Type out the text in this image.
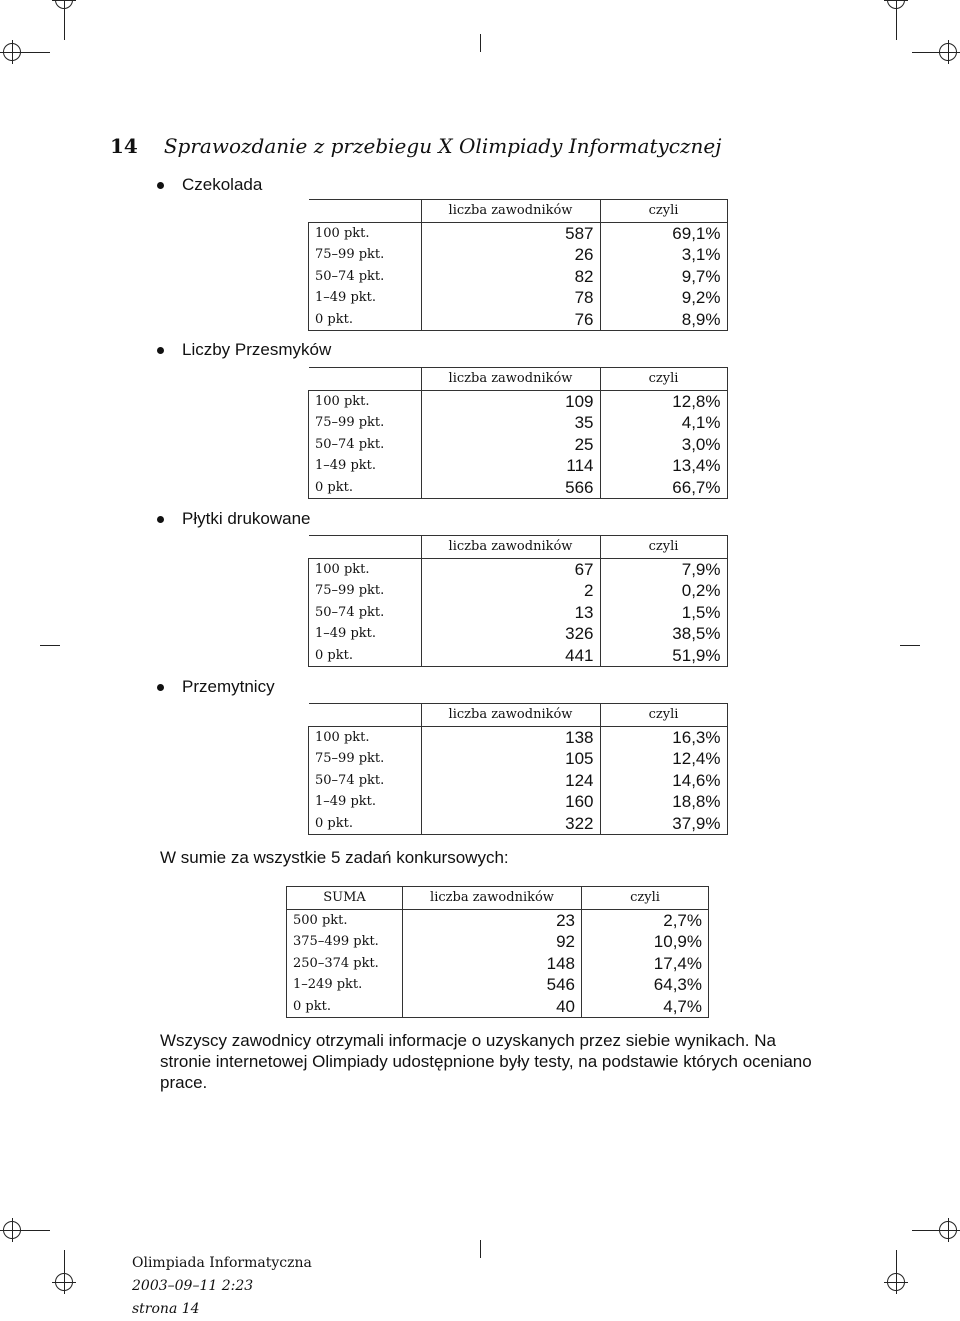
14 Sprawozdanie z przebiegu X Olimpiady Informatycznej
Czekolada
	liczba zawodników	czyli
100 pkt.	587	69,1%
75–99 pkt.	26	3,1%
50–74 pkt.	82	9,7%
1–49 pkt.	78	9,2%
0 pkt.	76	8,9%
Liczby Przesmyków
	liczba zawodników	czyli
100 pkt.	109	12,8%
75–99 pkt.	35	4,1%
50–74 pkt.	25	3,0%
1–49 pkt.	114	13,4%
0 pkt.	566	66,7%
Płytki drukowane
	liczba zawodników	czyli
100 pkt.	67	7,9%
75–99 pkt.	2	0,2%
50–74 pkt.	13	1,5%
1–49 pkt.	326	38,5%
0 pkt.	441	51,9%
Przemytnicy
	liczba zawodników	czyli
100 pkt.	138	16,3%
75–99 pkt.	105	12,4%
50–74 pkt.	124	14,6%
1–49 pkt.	160	18,8%
0 pkt.	322	37,9%
W sumie za wszystkie 5 zadań konkursowych:
SUMA	liczba zawodników	czyli
500 pkt.	23	2,7%
375–499 pkt.	92	10,9%
250–374 pkt.	148	17,4%
1–249 pkt.	546	64,3%
0 pkt.	40	4,7%
Wszyscy zawodnicy otrzymali informacje o uzyskanych przez siebie wynikach. Na stronie internetowej Olimpiady udostępnione były testy, na podstawie których oceniano prace.
Olimpiada Informatyczna
2003–09–11 2:23
strona 14
